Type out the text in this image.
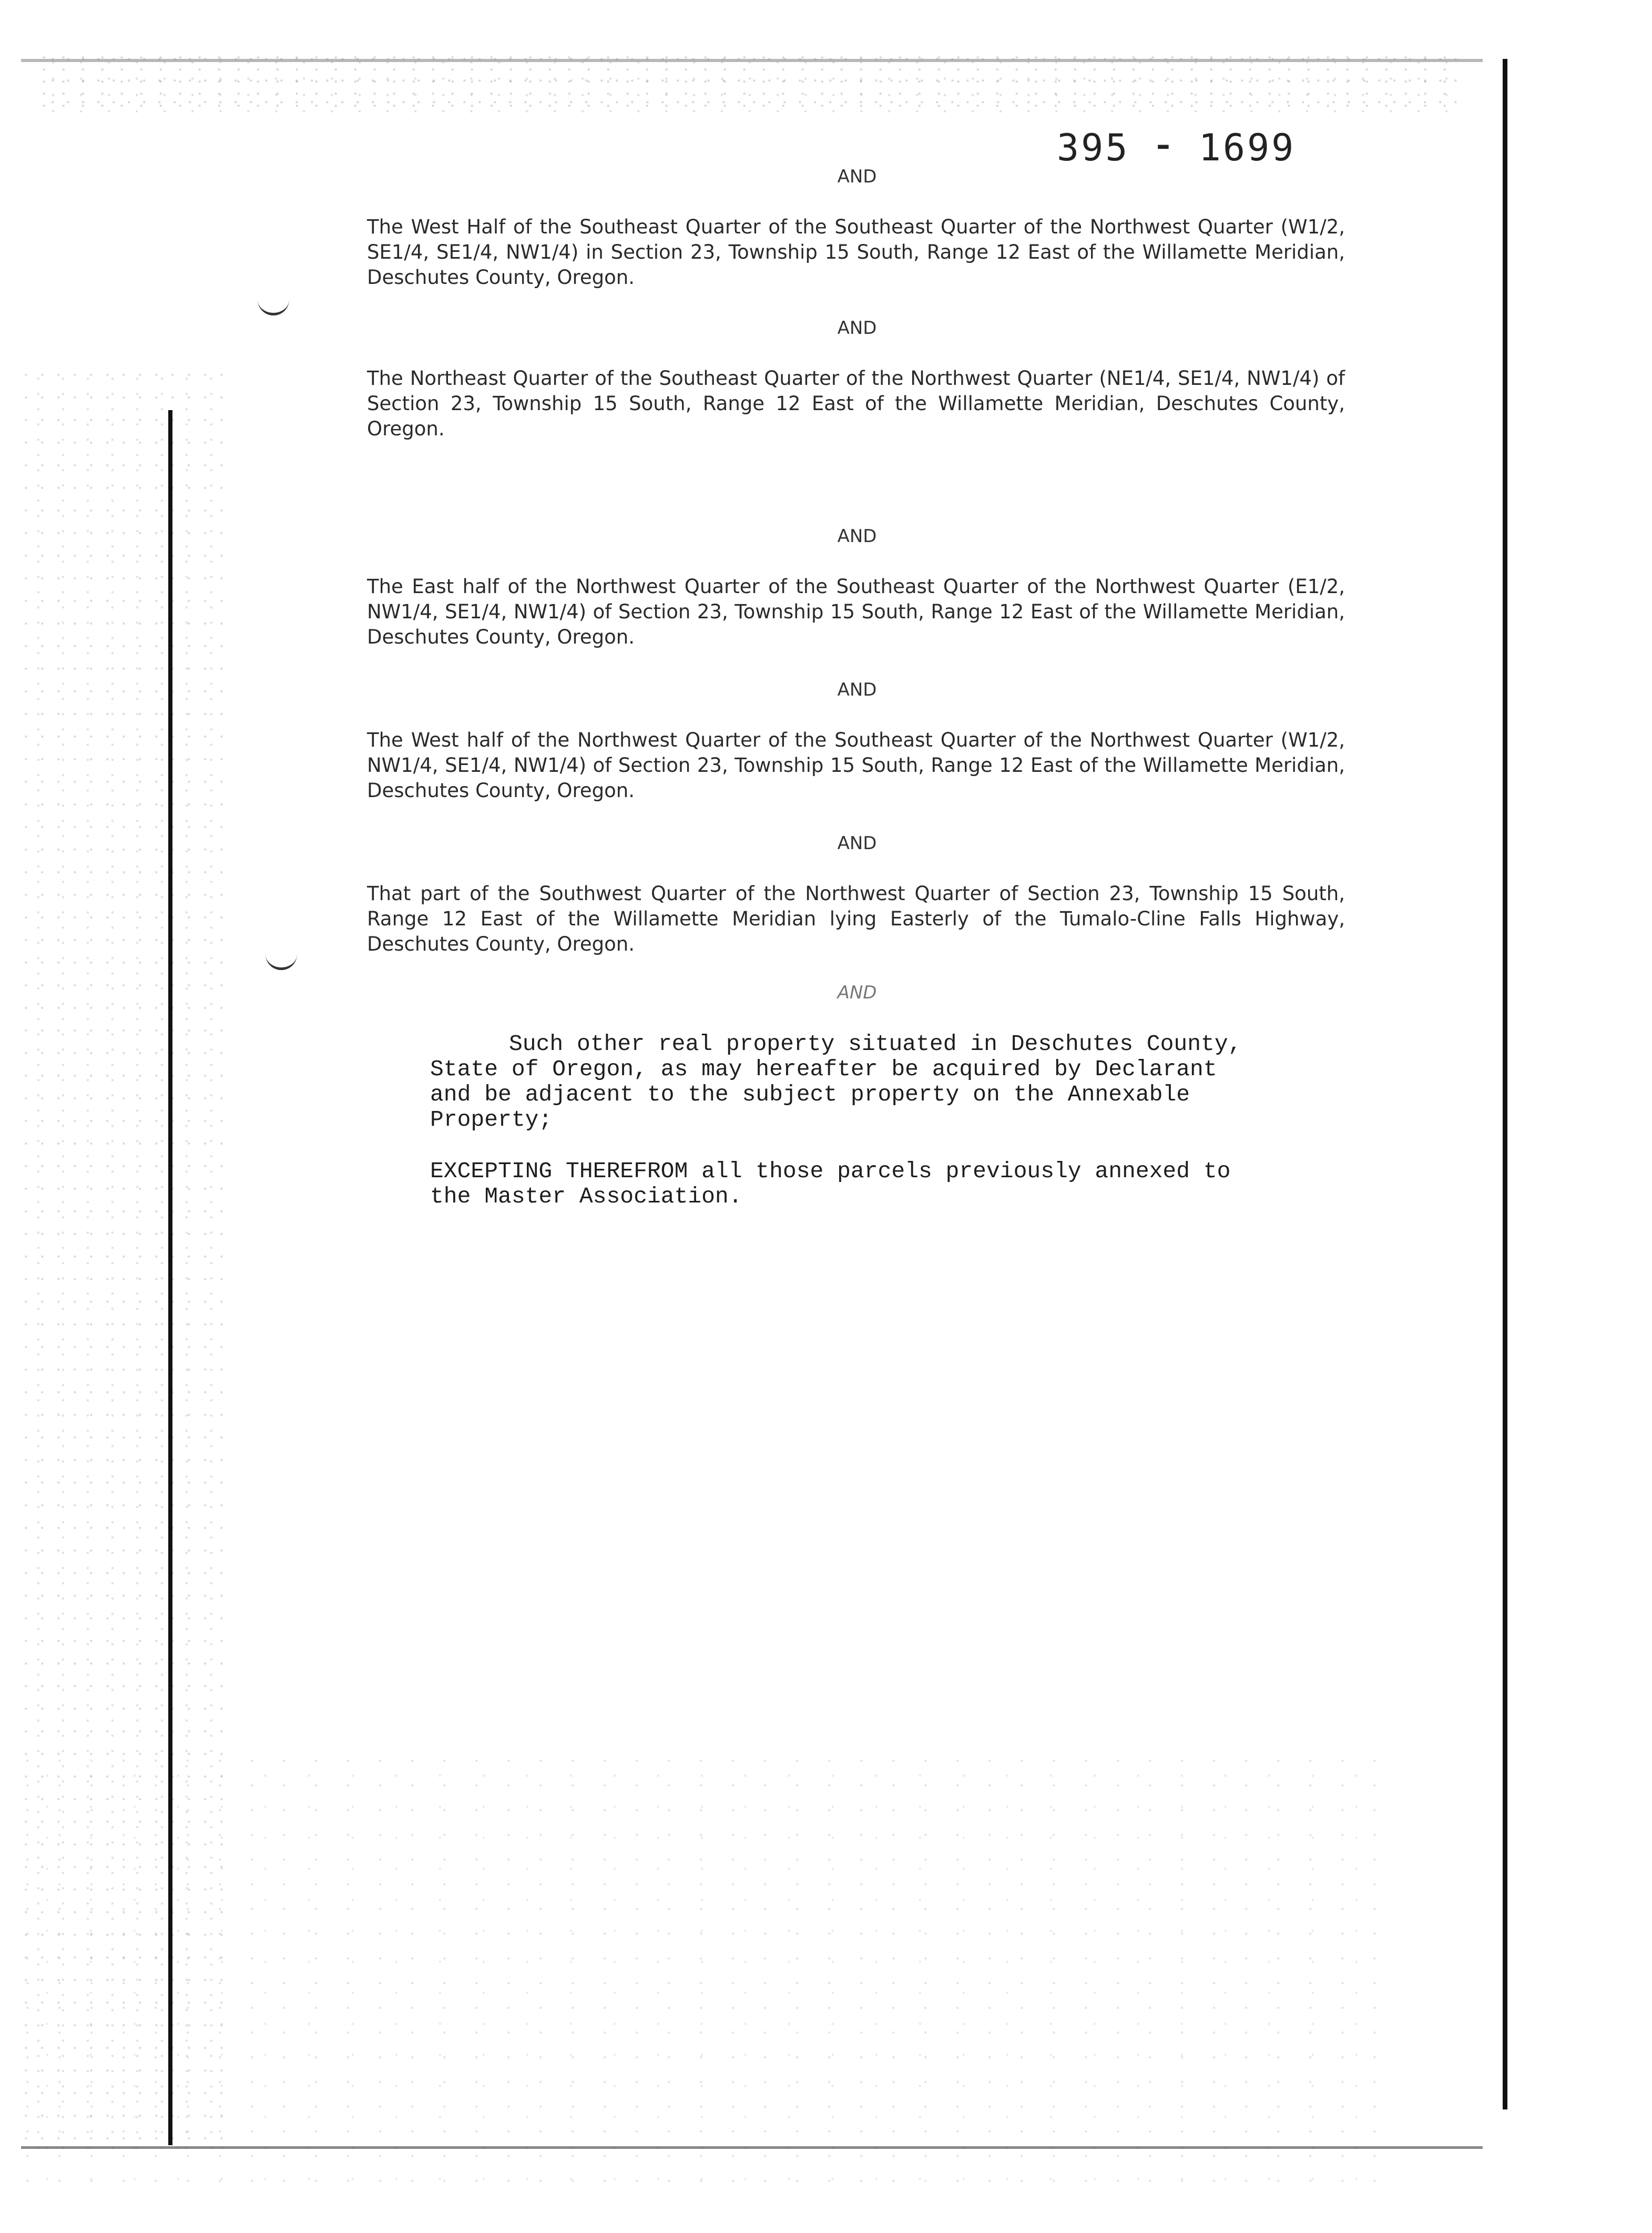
395 ⁃ 1699
AND
The West Half of the Southeast Quarter of the Southeast Quarter of the Northwest Quarter (W1/2, SE1/4, SE1/4, NW1/4) in Section 23, Township 15 South, Range 12 East of the Willamette Meridian, Deschutes County, Oregon.
AND
The Northeast Quarter of the Southeast Quarter of the Northwest Quarter (NE1/4, SE1/4, NW1/4) of Section 23, Township 15 South, Range 12 East of the Willamette Meridian, Deschutes County, Oregon.
AND
The East half of the Northwest Quarter of the Southeast Quarter of the Northwest Quarter (E1/2, NW1/4, SE1/4, NW1/4) of Section 23, Township 15 South, Range 12 East of the Willamette Meridian, Deschutes County, Oregon.
AND
The West half of the Northwest Quarter of the Southeast Quarter of the Northwest Quarter (W1/2, NW1/4, SE1/4, NW1/4) of Section 23, Township 15 South, Range 12 East of the Willamette Meridian, Deschutes County, Oregon.
AND
That part of the Southwest Quarter of the Northwest Quarter of Section 23, Township 15 South, Range 12 East of the Willamette Meridian lying Easterly of the Tumalo-Cline Falls Highway, Deschutes County, Oregon.
AND
Such other real property situated in Deschutes County, State of Oregon, as may hereafter be acquired by Declarant and be adjacent to the subject property on the Annexable Property;
EXCEPTING THEREFROM all those parcels previously annexed to the Master Association.
